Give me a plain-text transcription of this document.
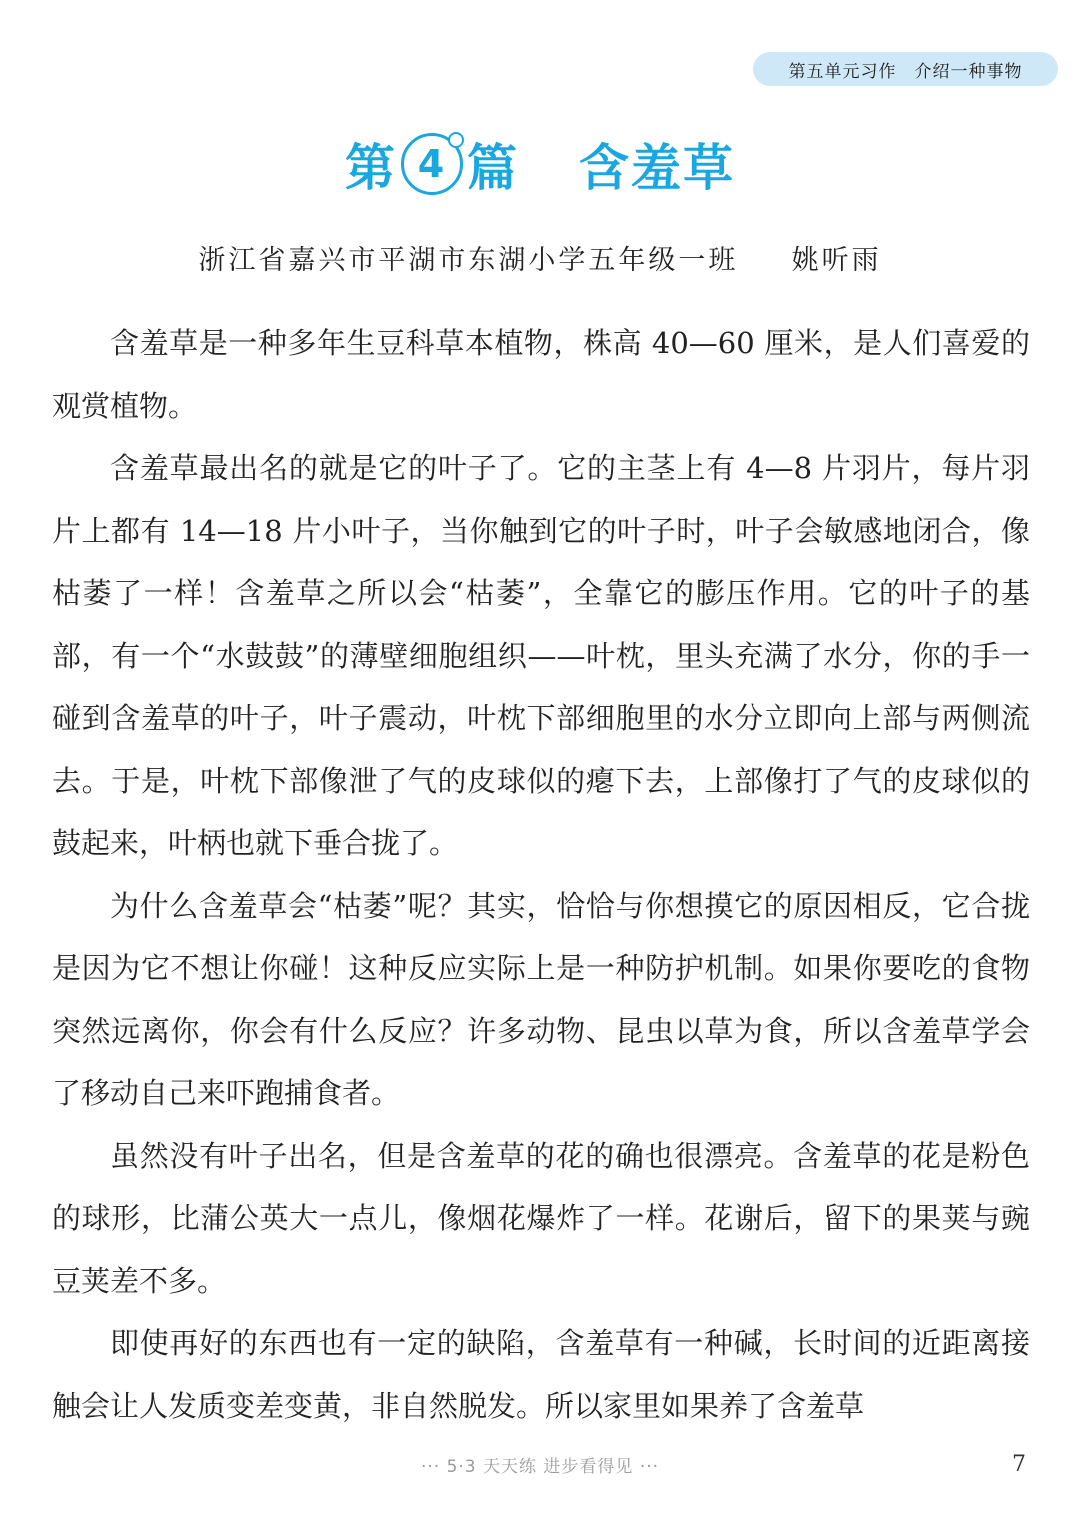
第五单元习作 介绍一种事物
第 4 篇 含羞草
浙江省嘉兴市平湖市东湖小学五年级一班 姚听雨

含羞草是一种多年生豆科草本植物，株高 40—60 厘米，是人们喜爱的观赏植物。

含羞草最出名的就是它的叶子了。它的主茎上有 4—8 片羽片，每片羽片上都有 14—18 片小叶子，当你触到它的叶子时，叶子会敏感地闭合，像枯萎了一样！含羞草之所以会“枯萎”，全靠它的膨压作用。它的叶子的基部，有一个“水鼓鼓”的薄壁细胞组织——叶枕，里头充满了水分，你的手一碰到含羞草的叶子，叶子震动，叶枕下部细胞里的水分立即向上部与两侧流去。于是，叶枕下部像泄了气的皮球似的瘪下去，上部像打了气的皮球似的鼓起来，叶柄也就下垂合拢了。

为什么含羞草会“枯萎”呢？其实，恰恰与你想摸它的原因相反，它合拢是因为它不想让你碰！这种反应实际上是一种防护机制。如果你要吃的食物突然远离你，你会有什么反应？许多动物、昆虫以草为食，所以含羞草学会了移动自己来吓跑捕食者。

虽然没有叶子出名，但是含羞草的花的确也很漂亮。含羞草的花是粉色的球形，比蒲公英大一点儿，像烟花爆炸了一样。花谢后，留下的果荚与豌豆荚差不多。

即使再好的东西也有一定的缺陷，含羞草有一种碱，长时间的近距离接触会让人发质变差变黄，非自然脱发。所以家里如果养了含羞草

··· 5·3 天天练 进步看得见 ···	7
